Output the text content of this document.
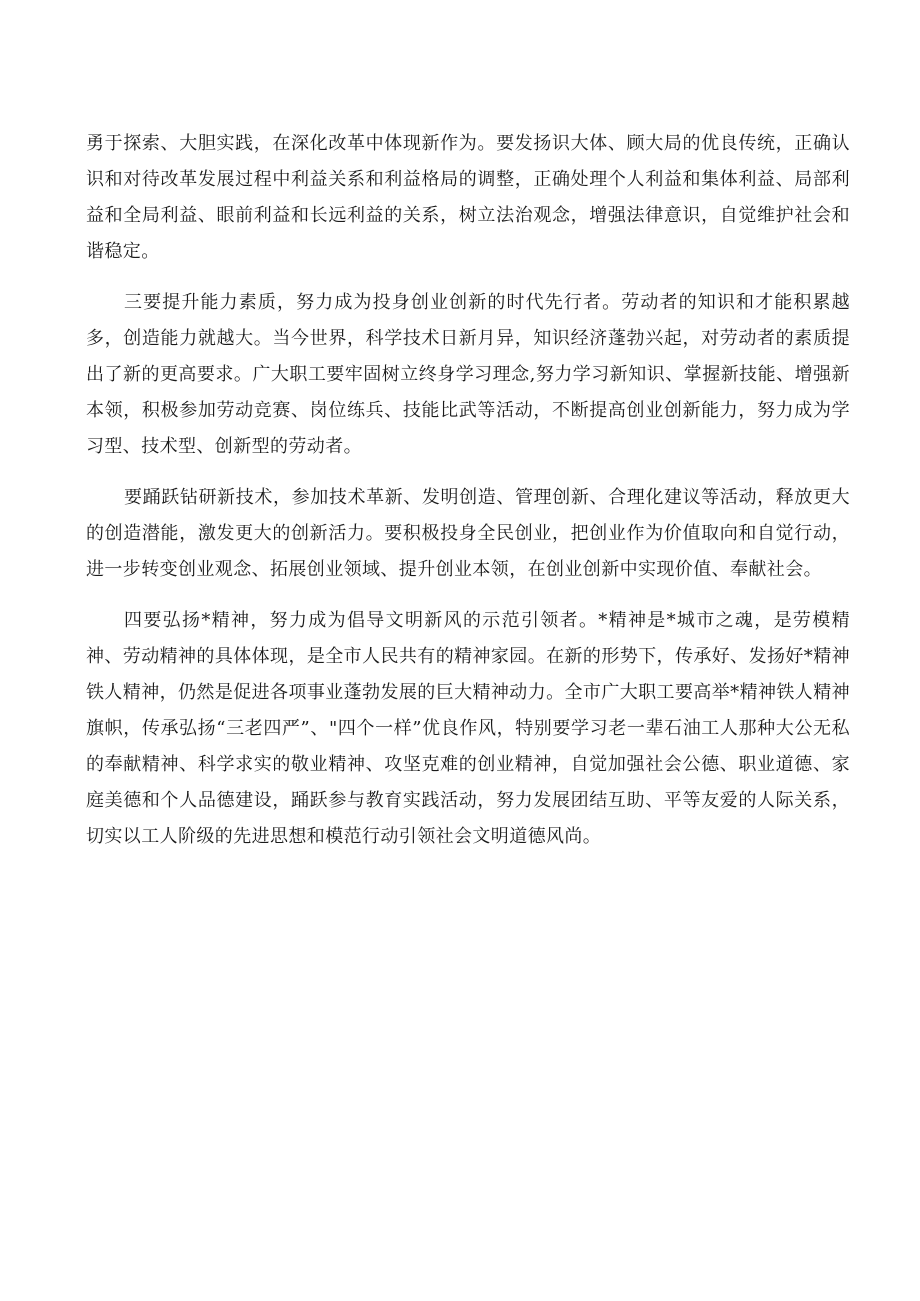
勇于探索、大胆实践，在深化改革中体现新作为。要发扬识大体、顾大局的优良传统，正确认识和对待改革发展过程中利益关系和利益格局的调整，正确处理个人利益和集体利益、局部利益和全局利益、眼前利益和长远利益的关系，树立法治观念，增强法律意识，自觉维护社会和谐稳定。

三要提升能力素质，努力成为投身创业创新的时代先行者。劳动者的知识和才能积累越多，创造能力就越大。当今世界，科学技术日新月异，知识经济蓬勃兴起，对劳动者的素质提出了新的更高要求。广大职工要牢固树立终身学习理念,努力学习新知识、掌握新技能、增强新本领，积极参加劳动竞赛、岗位练兵、技能比武等活动，不断提高创业创新能力，努力成为学习型、技术型、创新型的劳动者。

要踊跃钻研新技术，参加技术革新、发明创造、管理创新、合理化建议等活动，释放更大的创造潜能，激发更大的创新活力。要积极投身全民创业，把创业作为价值取向和自觉行动，进一步转变创业观念、拓展创业领域、提升创业本领，在创业创新中实现价值、奉献社会。

四要弘扬*精神，努力成为倡导文明新风的示范引领者。*精神是*城市之魂，是劳模精神、劳动精神的具体体现，是全市人民共有的精神家园。在新的形势下，传承好、发扬好*精神铁人精神，仍然是促进各项事业蓬勃发展的巨大精神动力。全市广大职工要高举*精神铁人精神旗帜，传承弘扬“三老四严”、"四个一样”优良作风，特别要学习老一辈石油工人那种大公无私的奉献精神、科学求实的敬业精神、攻坚克难的创业精神，自觉加强社会公德、职业道德、家庭美德和个人品德建设，踊跃参与教育实践活动，努力发展团结互助、平等友爱的人际关系，切实以工人阶级的先进思想和模范行动引领社会文明道德风尚。
